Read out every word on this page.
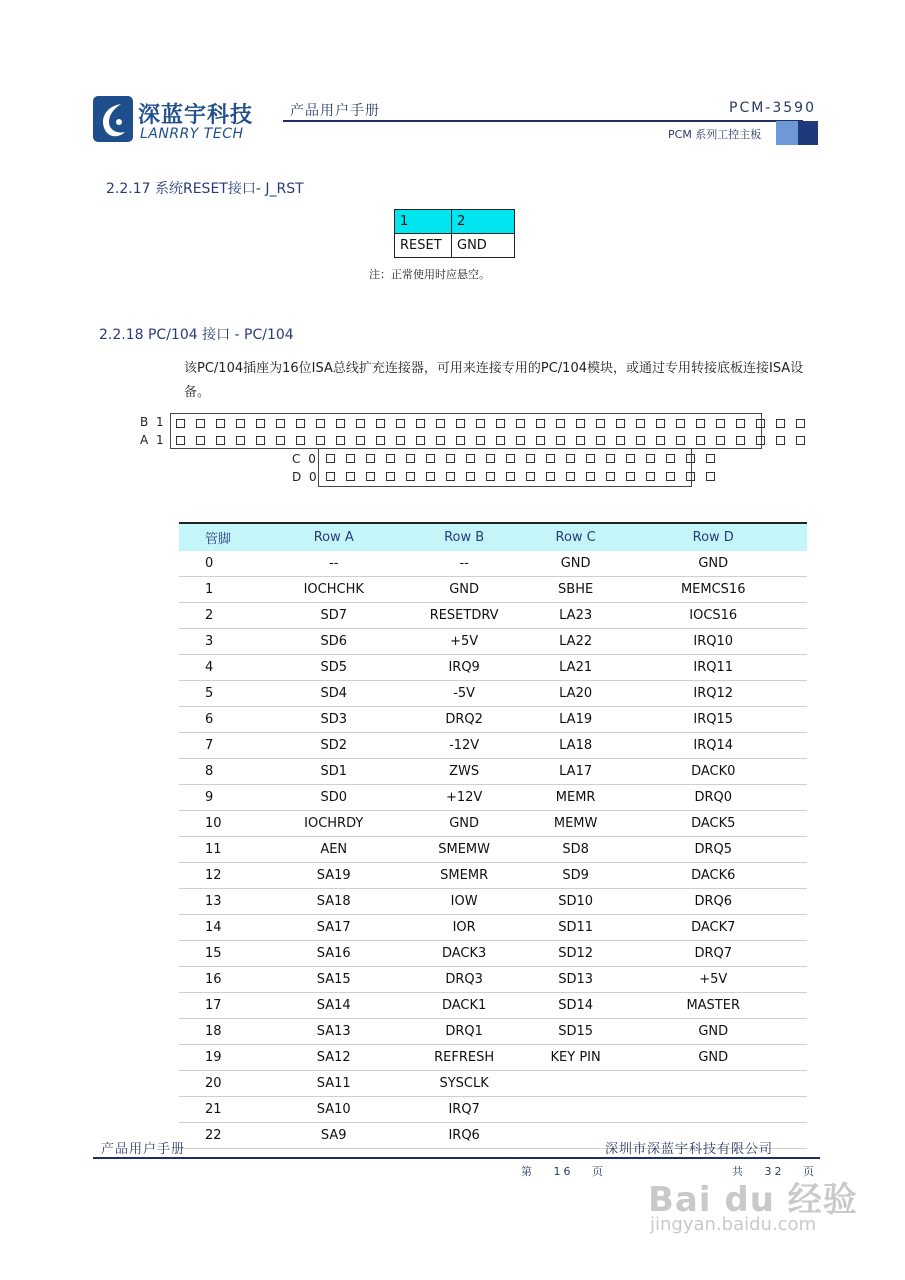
深蓝宇科技
LANRRY TECH
产品用户手册	PCM-3590
PCM 系列工控主板
2.2.17 系统RESET接口- J_RST
1	2
RESET	GND
注：正常使用时应悬空。
2.2.18 PC/104 接口 - PC/104
该PC/104插座为16位ISA总线扩充连接器，可用来连接专用的PC/104模块，或通过专用转接底板连接ISA设备。
B 1
A 1
C 0
D 0
管脚	Row A	Row B	Row C	Row D
0	--	--	GND	GND
1	IOCHCHK	GND	SBHE	MEMCS16
2	SD7	RESETDRV	LA23	IOCS16
3	SD6	+5V	LA22	IRQ10
4	SD5	IRQ9	LA21	IRQ11
5	SD4	-5V	LA20	IRQ12
6	SD3	DRQ2	LA19	IRQ15
7	SD2	-12V	LA18	IRQ14
8	SD1	ZWS	LA17	DACK0
9	SD0	+12V	MEMR	DRQ0
10	IOCHRDY	GND	MEMW	DACK5
11	AEN	SMEMW	SD8	DRQ5
12	SA19	SMEMR	SD9	DACK6
13	SA18	IOW	SD10	DRQ6
14	SA17	IOR	SD11	DACK7
15	SA16	DACK3	SD12	DRQ7
16	SA15	DRQ3	SD13	+5V
17	SA14	DACK1	SD14	MASTER
18	SA13	DRQ1	SD15	GND
19	SA12	REFRESH	KEY PIN	GND
20	SA11	SYSCLK		
21	SA10	IRQ7		
22	SA9	IRQ6		
产品用户手册	深圳市深蓝宇科技有限公司
第 16 页	共 32 页
Bai du 经验
jingyan.baidu.com
